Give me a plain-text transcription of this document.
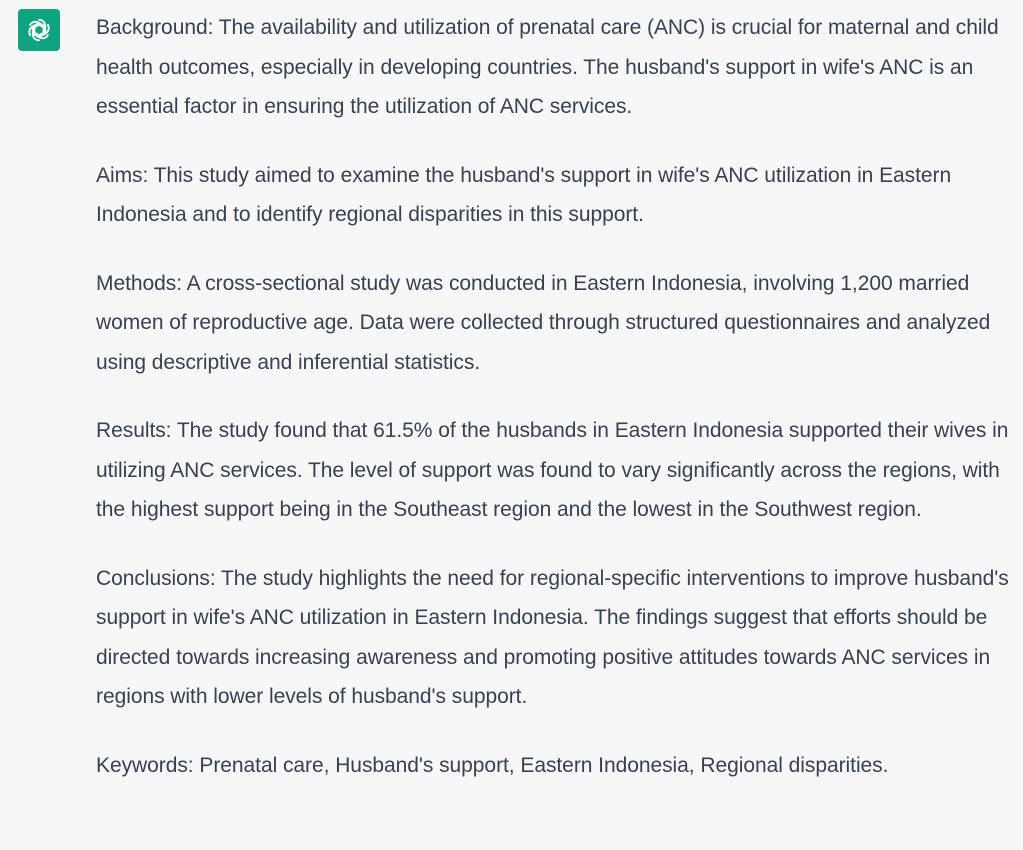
Background: The availability and utilization of prenatal care (ANC) is crucial for maternal and child health outcomes, especially in developing countries. The husband's support in wife's ANC is an essential factor in ensuring the utilization of ANC services.

Aims: This study aimed to examine the husband's support in wife's ANC utilization in Eastern Indonesia and to identify regional disparities in this support.

Methods: A cross-sectional study was conducted in Eastern Indonesia, involving 1,200 married women of reproductive age. Data were collected through structured questionnaires and analyzed using descriptive and inferential statistics.

Results: The study found that 61.5% of the husbands in Eastern Indonesia supported their wives in utilizing ANC services. The level of support was found to vary significantly across the regions, with the highest support being in the Southeast region and the lowest in the Southwest region.

Conclusions: The study highlights the need for regional-specific interventions to improve husband's support in wife's ANC utilization in Eastern Indonesia. The findings suggest that efforts should be directed towards increasing awareness and promoting positive attitudes towards ANC services in regions with lower levels of husband's support.

Keywords: Prenatal care, Husband's support, Eastern Indonesia, Regional disparities.
